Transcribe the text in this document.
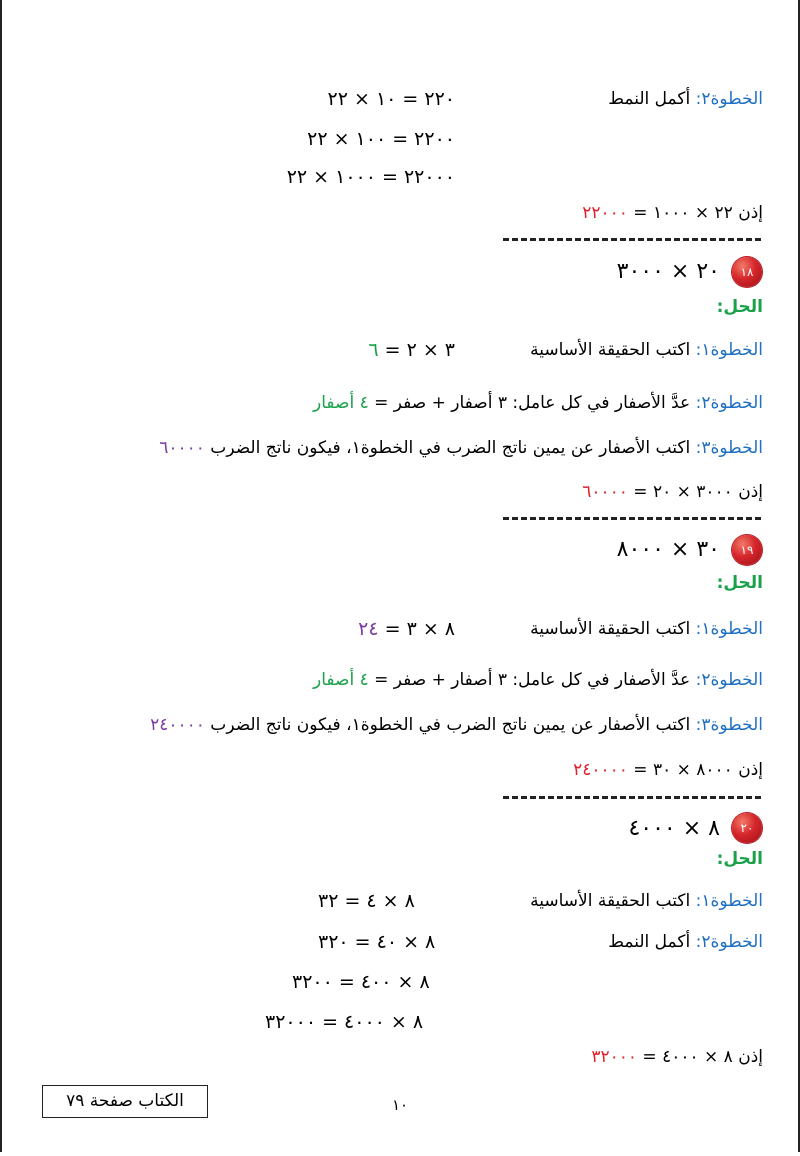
الخطوة٢: أكمل النمط
٢٢٠ = ١٠ × ٢٢
٢٢٠٠ = ١٠٠ × ٢٢
٢٢٠٠٠ = ١٠٠٠ × ٢٢
إذن ٢٢ × ١٠٠٠ = ٢٢٠٠٠
١٨
٢٠ × ٣٠٠٠
الحل:
الخطوة١: اكتب الحقيقة الأساسية
٣ × ٢ = ٦
الخطوة٢: عدَّ الأصفار في كل عامل: ٣ أصفار + صفر = ٤ أصفار
الخطوة٣: اكتب الأصفار عن يمين ناتج الضرب في الخطوة١، فيكون ناتج الضرب ٦٠٠٠٠
إذن ٣٠٠٠ × ٢٠ = ٦٠٠٠٠
١٩
٣٠ × ٨٠٠٠
الحل:
الخطوة١: اكتب الحقيقة الأساسية
٨ × ٣ = ٢٤
الخطوة٢: عدَّ الأصفار في كل عامل: ٣ أصفار + صفر = ٤ أصفار
الخطوة٣: اكتب الأصفار عن يمين ناتج الضرب في الخطوة١، فيكون ناتج الضرب ٢٤٠٠٠٠
إذن ٨٠٠٠ × ٣٠ = ٢٤٠٠٠٠
٢٠
٨ × ٤٠٠٠
الحل:
الخطوة١: اكتب الحقيقة الأساسية
٨ × ٤ = ٣٢
الخطوة٢: أكمل النمط
٨ × ٤٠ = ٣٢٠
٨ × ٤٠٠ = ٣٢٠٠
٨ × ٤٠٠٠ = ٣٢٠٠٠
إذن ٨ × ٤٠٠٠ = ٣٢٠٠٠
الكتاب صفحة ٧٩	١٠
